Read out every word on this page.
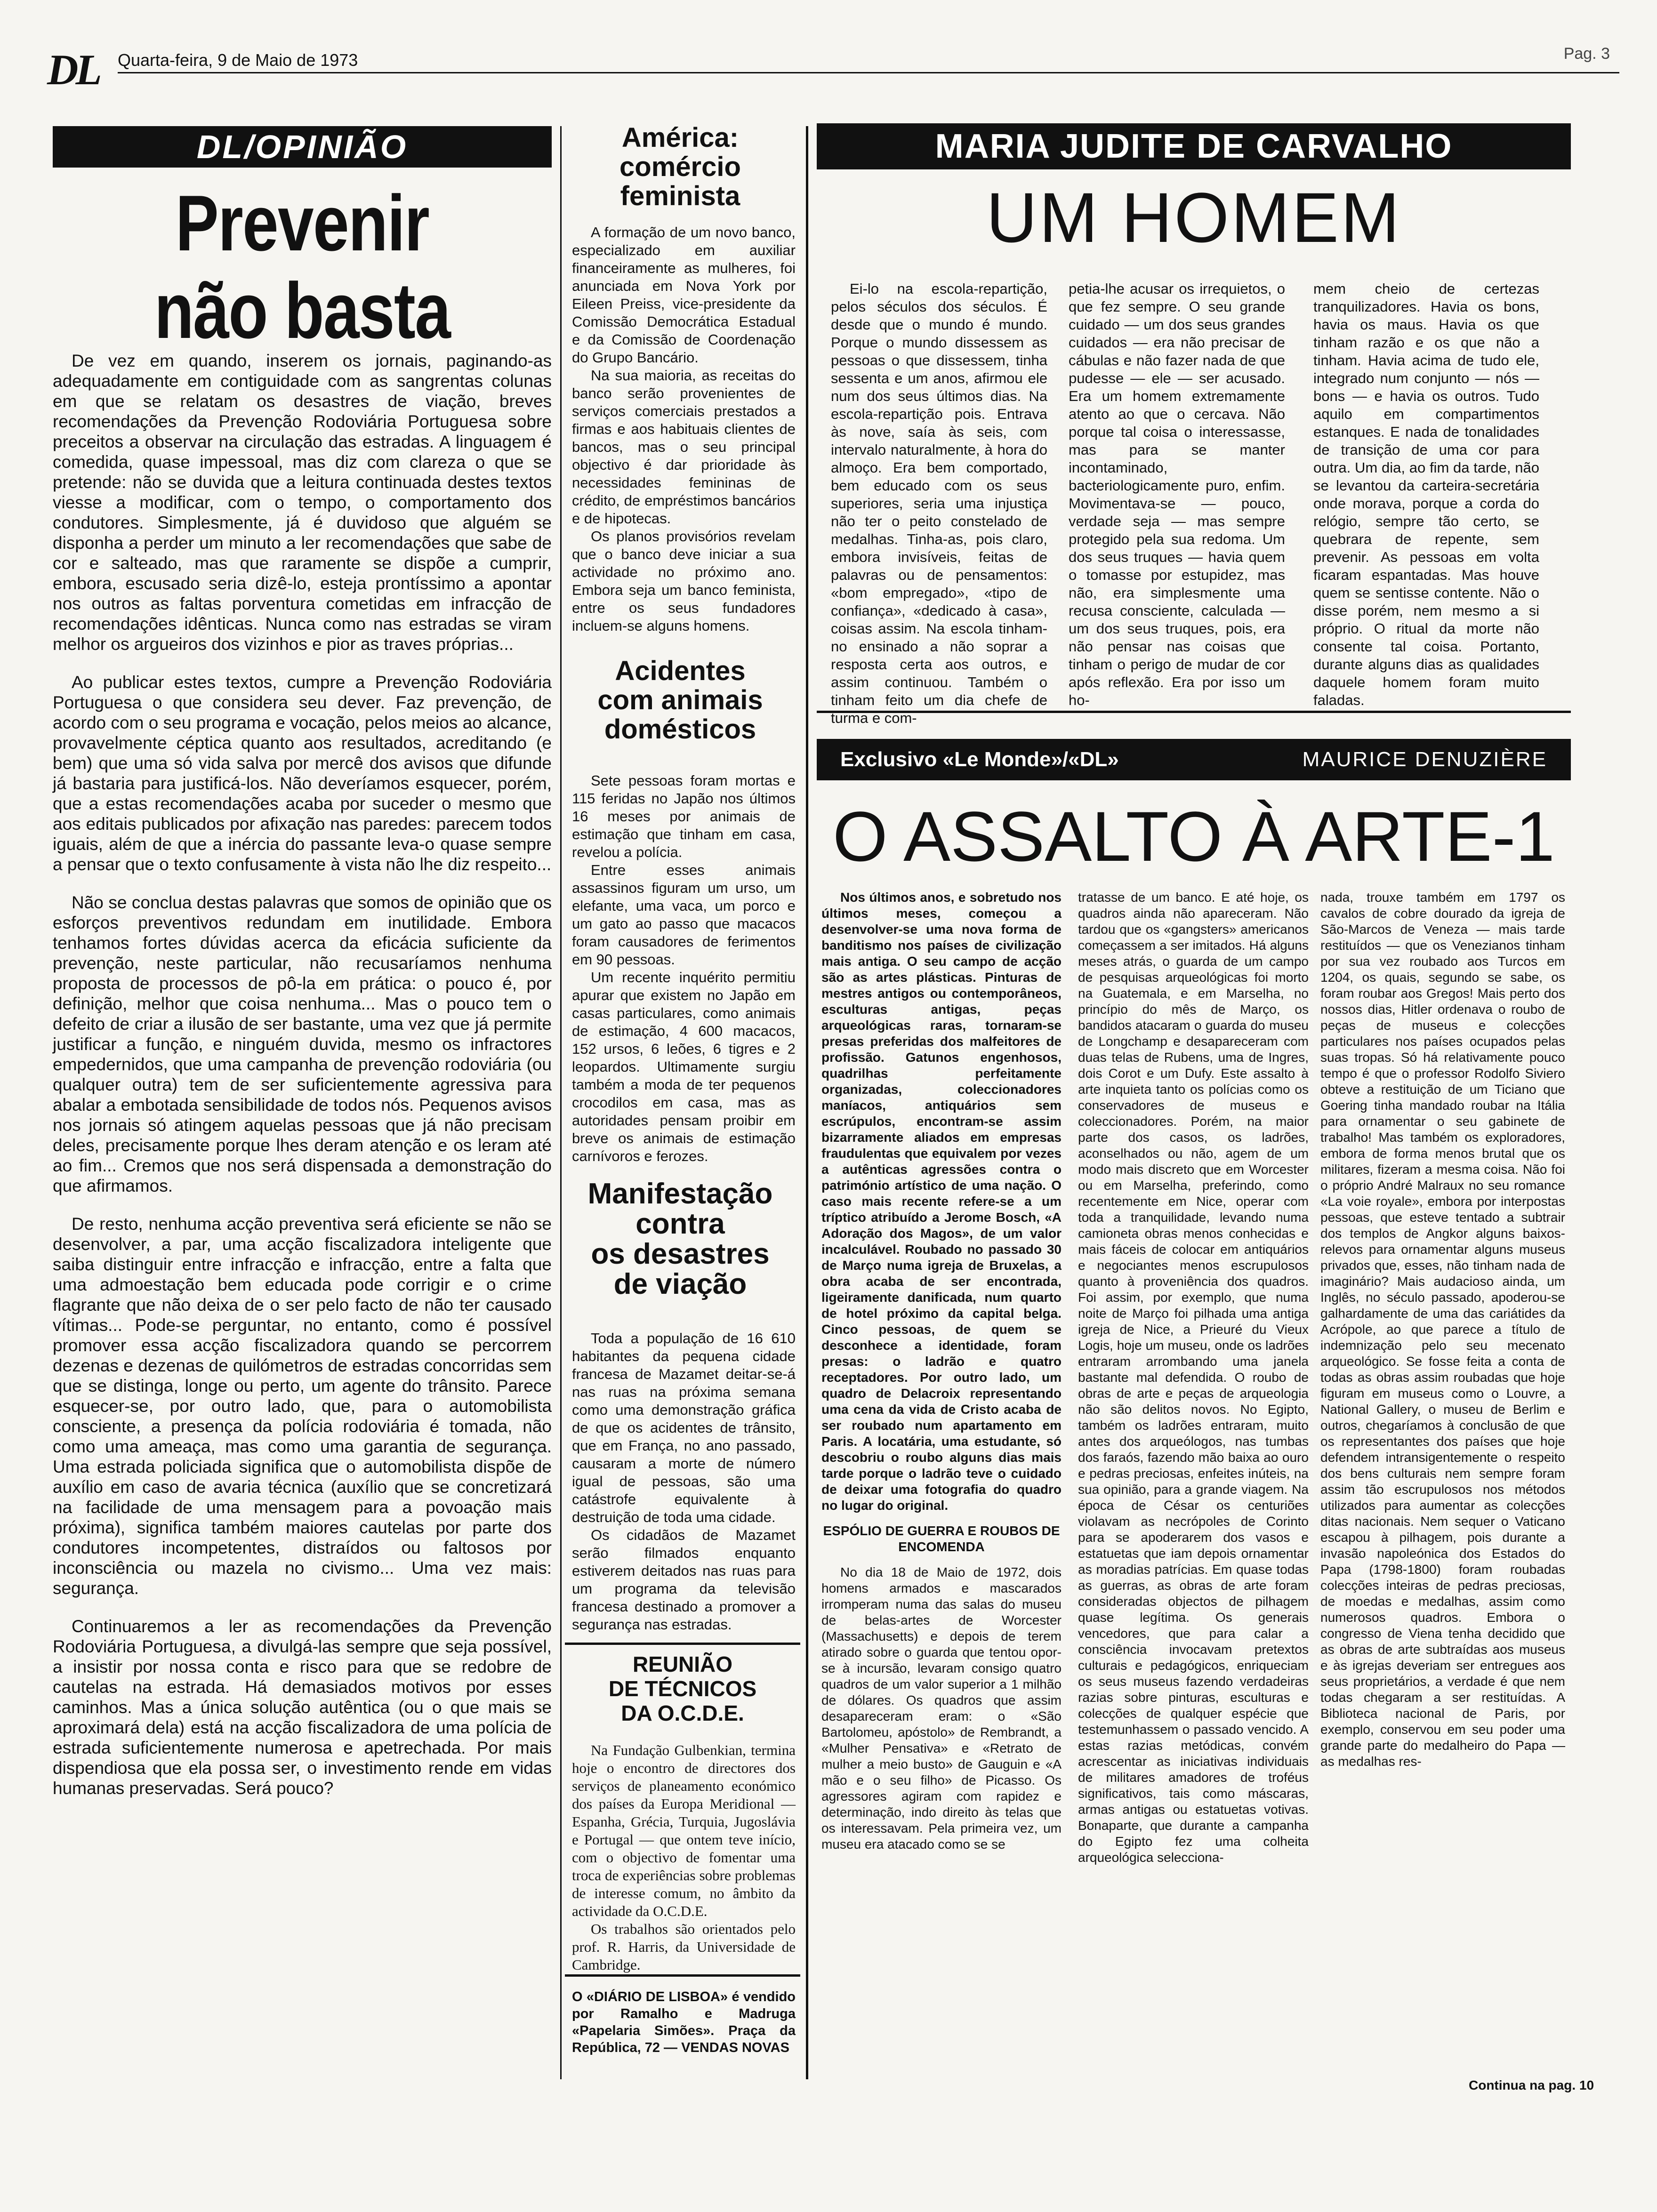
DL Quarta-feira, 9 de Maio de 1973	Pag. 3
DL/OPINIÃO
Prevenir
não basta

De vez em quando, inserem os jornais, paginando-as adequadamente em contiguidade com as sangrentas colunas em que se relatam os desastres de viação, breves recomendações da Prevenção Rodoviária Portuguesa sobre preceitos a observar na circulação das estradas. A linguagem é comedida, quase impessoal, mas diz com clareza o que se pretende: não se duvida que a leitura continuada destes textos viesse a modificar, com o tempo, o comportamento dos condutores. Simplesmente, já é duvidoso que alguém se disponha a perder um minuto a ler recomendações que sabe de cor e salteado, mas que raramente se dispõe a cumprir, embora, escusado seria dizê-lo, esteja prontíssimo a apontar nos outros as faltas porventura cometidas em infracção de recomendações idênticas. Nunca como nas estradas se viram melhor os argueiros dos vizinhos e pior as traves próprias...

Ao publicar estes textos, cumpre a Prevenção Rodoviária Portuguesa o que considera seu dever. Faz prevenção, de acordo com o seu programa e vocação, pelos meios ao alcance, provavelmente céptica quanto aos resultados, acreditando (e bem) que uma só vida salva por mercê dos avisos que difunde já bastaria para justificá-los. Não deveríamos esquecer, porém, que a estas recomendações acaba por suceder o mesmo que aos editais publicados por afixação nas paredes: parecem todos iguais, além de que a inércia do passante leva-o quase sempre a pensar que o texto confusamente à vista não lhe diz respeito...

Não se conclua destas palavras que somos de opinião que os esforços preventivos redundam em inutilidade. Embora tenhamos fortes dúvidas acerca da eficácia suficiente da prevenção, neste particular, não recusaríamos nenhuma proposta de processos de pô-la em prática: o pouco é, por definição, melhor que coisa nenhuma... Mas o pouco tem o defeito de criar a ilusão de ser bastante, uma vez que já permite justificar a função, e ninguém duvida, mesmo os infractores empedernidos, que uma campanha de prevenção rodoviária (ou qualquer outra) tem de ser suficientemente agressiva para abalar a embotada sensibilidade de todos nós. Pequenos avisos nos jornais só atingem aquelas pessoas que já não precisam deles, precisamente porque lhes deram atenção e os leram até ao fim... Cremos que nos será dispensada a demonstração do que afirmamos.

De resto, nenhuma acção preventiva será eficiente se não se desenvolver, a par, uma acção fiscalizadora inteligente que saiba distinguir entre infracção e infracção, entre a falta que uma admoestação bem educada pode corrigir e o crime flagrante que não deixa de o ser pelo facto de não ter causado vítimas... Pode-se perguntar, no entanto, como é possível promover essa acção fiscalizadora quando se percorrem dezenas e dezenas de quilómetros de estradas concorridas sem que se distinga, longe ou perto, um agente do trânsito. Parece esquecer-se, por outro lado, que, para o automobilista consciente, a presença da polícia rodoviária é tomada, não como uma ameaça, mas como uma garantia de segurança. Uma estrada policiada significa que o automobilista dispõe de auxílio em caso de avaria técnica (auxílio que se concretizará na facilidade de uma mensagem para a povoação mais próxima), significa também maiores cautelas por parte dos condutores incompetentes, distraídos ou faltosos por inconsciência ou mazela no civismo... Uma vez mais: segurança.

Continuaremos a ler as recomendações da Prevenção Rodoviária Portuguesa, a divulgá-las sempre que seja possível, a insistir por nossa conta e risco para que se redobre de cautelas na estrada. Há demasiados motivos por esses caminhos. Mas a única solução autêntica (ou o que mais se aproximará dela) está na acção fiscalizadora de uma polícia de estrada suficientemente numerosa e apetrechada. Por mais dispendiosa que ela possa ser, o investimento rende em vidas humanas preservadas. Será pouco?

América:
comércio
feminista

A formação de um novo banco, especializado em auxiliar financeiramente as mulheres, foi anunciada em Nova York por Eileen Preiss, vice-presidente da Comissão Democrática Estadual e da Comissão de Coordenação do Grupo Bancário.

Na sua maioria, as receitas do banco serão provenientes de serviços comerciais prestados a firmas e aos habituais clientes de bancos, mas o seu principal objectivo é dar prioridade às necessidades femininas de crédito, de empréstimos bancários e de hipotecas.

Os planos provisórios revelam que o banco deve iniciar a sua actividade no próximo ano. Embora seja um banco feminista, entre os seus fundadores incluem-se alguns homens.

Acidentes
com animais
domésticos

Sete pessoas foram mortas e 115 feridas no Japão nos últimos 16 meses por animais de estimação que tinham em casa, revelou a polícia.

Entre esses animais assassinos figuram um urso, um elefante, uma vaca, um porco e um gato ao passo que macacos foram causadores de ferimentos em 90 pessoas.

Um recente inquérito permitiu apurar que existem no Japão em casas particulares, como animais de estimação, 4 600 macacos, 152 ursos, 6 leões, 6 tigres e 2 leopardos. Ultimamente surgiu também a moda de ter pequenos crocodilos em casa, mas as autoridades pensam proibir em breve os animais de estimação carnívoros e ferozes.

Manifestação
contra
os desastres
de viação

Toda a população de 16 610 habitantes da pequena cidade francesa de Mazamet deitar-se-á nas ruas na próxima semana como uma demonstração gráfica de que os acidentes de trânsito, que em França, no ano passado, causaram a morte de número igual de pessoas, são uma catástrofe equivalente à destruição de toda uma cidade.

Os cidadãos de Mazamet serão filmados enquanto estiverem deitados nas ruas para um programa da televisão francesa destinado a promover a segurança nas estradas.

REUNIÃO
DE TÉCNICOS
DA O.C.D.E.

Na Fundação Gulbenkian, termina hoje o encontro de directores dos serviços de planeamento económico dos países da Europa Meridional — Espanha, Grécia, Turquia, Jugoslávia e Portugal — que ontem teve início, com o objectivo de fomentar uma troca de experiências sobre problemas de interesse comum, no âmbito da actividade da O.C.D.E.

Os trabalhos são orientados pelo prof. R. Harris, da Universidade de Cambridge.

O «DIÁRIO DE LISBOA» é vendido por Ramalho e Madruga «Papelaria Simões». Praça da República, 72 — VENDAS NOVAS

MARIA JUDITE DE CARVALHO
UM HOMEM

Ei-lo na escola-repartição, pelos séculos dos séculos. É desde que o mundo é mundo. Porque o mundo dissessem as pessoas o que dissessem, tinha sessenta e um anos, afirmou ele num dos seus últimos dias. Na escola-repartição pois. Entrava às nove, saía às seis, com intervalo naturalmente, à hora do almoço. Era bem comportado, bem educado com os seus superiores, seria uma injustiça não ter o peito constelado de medalhas. Tinha-as, pois claro, embora invisíveis, feitas de palavras ou de pensamentos: «bom empregado», «tipo de confiança», «dedicado à casa», coisas assim. Na escola tinham-no ensinado a não soprar a resposta certa aos outros, e assim continuou. Também o tinham feito um dia chefe de turma e com-

petia-lhe acusar os irrequietos, o que fez sempre. O seu grande cuidado — um dos seus grandes cuidados — era não precisar de cábulas e não fazer nada de que pudesse — ele — ser acusado. Era um homem extremamente atento ao que o cercava. Não porque tal coisa o interessasse, mas para se manter incontaminado, bacteriologicamente puro, enfim. Movimentava-se — pouco, verdade seja — mas sempre protegido pela sua redoma. Um dos seus truques — havia quem o tomasse por estupidez, mas não, era simplesmente uma recusa consciente, calculada — um dos seus truques, pois, era não pensar nas coisas que tinham o perigo de mudar de cor após reflexão. Era por isso um ho-

mem cheio de certezas tranquilizadores. Havia os bons, havia os maus. Havia os que tinham razão e os que não a tinham. Havia acima de tudo ele, integrado num conjunto — nós — bons — e havia os outros. Tudo aquilo em compartimentos estanques. E nada de tonalidades de transição de uma cor para outra. Um dia, ao fim da tarde, não se levantou da carteira-secretária onde morava, porque a corda do relógio, sempre tão certo, se quebrara de repente, sem prevenir. As pessoas em volta ficaram espantadas. Mas houve quem se sentisse contente. Não o disse porém, nem mesmo a si próprio. O ritual da morte não consente tal coisa. Portanto, durante alguns dias as qualidades daquele homem foram muito faladas.

Exclusivo «Le Monde»/«DL»	MAURICE DENUZIÈRE
O ASSALTO À ARTE-1

Nos últimos anos, e sobretudo nos últimos meses, começou a desenvolver-se uma nova forma de banditismo nos países de civilização mais antiga. O seu campo de acção são as artes plásticas. Pinturas de mestres antigos ou contemporâneos, esculturas antigas, peças arqueológicas raras, tornaram-se presas preferidas dos malfeitores de profissão. Gatunos engenhosos, quadrilhas perfeitamente organizadas, coleccionadores maníacos, antiquários sem escrúpulos, encontram-se assim bizarramente aliados em empresas fraudulentas que equivalem por vezes a autênticas agressões contra o património artístico de uma nação. O caso mais recente refere-se a um tríptico atribuído a Jerome Bosch, «A Adoração dos Magos», de um valor incalculável. Roubado no passado 30 de Março numa igreja de Bruxelas, a obra acaba de ser encontrada, ligeiramente danificada, num quarto de hotel próximo da capital belga. Cinco pessoas, de quem se desconhece a identidade, foram presas: o ladrão e quatro receptadores. Por outro lado, um quadro de Delacroix representando uma cena da vida de Cristo acaba de ser roubado num apartamento em Paris. A locatária, uma estudante, só descobriu o roubo alguns dias mais tarde porque o ladrão teve o cuidado de deixar uma fotografia do quadro no lugar do original.

ESPÓLIO DE GUERRA E ROUBOS DE ENCOMENDA

No dia 18 de Maio de 1972, dois homens armados e mascarados irromperam numa das salas do museu de belas-artes de Worcester (Massachusetts) e depois de terem atirado sobre o guarda que tentou opor-se à incursão, levaram consigo quatro quadros de um valor superior a 1 milhão de dólares. Os quadros que assim desapareceram eram: o «São Bartolomeu, apóstolo» de Rembrandt, a «Mulher Pensativa» e «Retrato de mulher a meio busto» de Gauguin e «A mão e o seu filho» de Picasso. Os agressores agiram com rapidez e determinação, indo direito às telas que os interessavam. Pela primeira vez, um museu era atacado como se se

tratasse de um banco. E até hoje, os quadros ainda não apareceram. Não tardou que os «gangsters» americanos começassem a ser imitados. Há alguns meses atrás, o guarda de um campo de pesquisas arqueológicas foi morto na Guatemala, e em Marselha, no princípio do mês de Março, os bandidos atacaram o guarda do museu de Longchamp e desapareceram com duas telas de Rubens, uma de Ingres, dois Corot e um Dufy. Este assalto à arte inquieta tanto os polícias como os conservadores de museus e coleccionadores. Porém, na maior parte dos casos, os ladrões, aconselhados ou não, agem de um modo mais discreto que em Worcester ou em Marselha, preferindo, como recentemente em Nice, operar com toda a tranquilidade, levando numa camioneta obras menos conhecidas e mais fáceis de colocar em antiquários e negociantes menos escrupulosos quanto à proveniência dos quadros. Foi assim, por exemplo, que numa noite de Março foi pilhada uma antiga igreja de Nice, a Prieuré du Vieux Logis, hoje um museu, onde os ladrões entraram arrombando uma janela bastante mal defendida. O roubo de obras de arte e peças de arqueologia não são delitos novos. No Egipto, também os ladrões entraram, muito antes dos arqueólogos, nas tumbas dos faraós, fazendo mão baixa ao ouro e pedras preciosas, enfeites inúteis, na sua opinião, para a grande viagem. Na época de César os centuriões violavam as necrópoles de Corinto para se apoderarem dos vasos e estatuetas que iam depois ornamentar as moradias patrícias. Em quase todas as guerras, as obras de arte foram consideradas objectos de pilhagem quase legítima. Os generais vencedores, que para calar a consciência invocavam pretextos culturais e pedagógicos, enriqueciam os seus museus fazendo verdadeiras razias sobre pinturas, esculturas e colecções de qualquer espécie que testemunhassem o passado vencido. A estas razias metódicas, convém acrescentar as iniciativas individuais de militares amadores de troféus significativos, tais como máscaras, armas antigas ou estatuetas votivas. Bonaparte, que durante a campanha do Egipto fez uma colheita arqueológica selecciona-

nada, trouxe também em 1797 os cavalos de cobre dourado da igreja de São-Marcos de Veneza — mais tarde restituídos — que os Venezianos tinham por sua vez roubado aos Turcos em 1204, os quais, segundo se sabe, os foram roubar aos Gregos! Mais perto dos nossos dias, Hitler ordenava o roubo de peças de museus e colecções particulares nos países ocupados pelas suas tropas. Só há relativamente pouco tempo é que o professor Rodolfo Siviero obteve a restituição de um Ticiano que Goering tinha mandado roubar na Itália para ornamentar o seu gabinete de trabalho! Mas também os exploradores, embora de forma menos brutal que os militares, fizeram a mesma coisa. Não foi o próprio André Malraux no seu romance «La voie royale», embora por interpostas pessoas, que esteve tentado a subtrair dos templos de Angkor alguns baixos-relevos para ornamentar alguns museus privados que, esses, não tinham nada de imaginário? Mais audacioso ainda, um Inglês, no século passado, apoderou-se galhardamente de uma das cariátides da Acrópole, ao que parece a título de indemnização pelo seu mecenato arqueológico. Se fosse feita a conta de todas as obras assim roubadas que hoje figuram em museus como o Louvre, a National Gallery, o museu de Berlim e outros, chegaríamos à conclusão de que os representantes dos países que hoje defendem intransigentemente o respeito dos bens culturais nem sempre foram assim tão escrupulosos nos métodos utilizados para aumentar as colecções ditas nacionais. Nem sequer o Vaticano escapou à pilhagem, pois durante a invasão napoleónica dos Estados do Papa (1798-1800) foram roubadas colecções inteiras de pedras preciosas, de moedas e medalhas, assim como numerosos quadros. Embora o congresso de Viena tenha decidido que as obras de arte subtraídas aos museus e às igrejas deveriam ser entregues aos seus proprietários, a verdade é que nem todas chegaram a ser restituídas. A Biblioteca nacional de Paris, por exemplo, conservou em seu poder uma grande parte do medalheiro do Papa — as medalhas res-

Continua na pag. 10
